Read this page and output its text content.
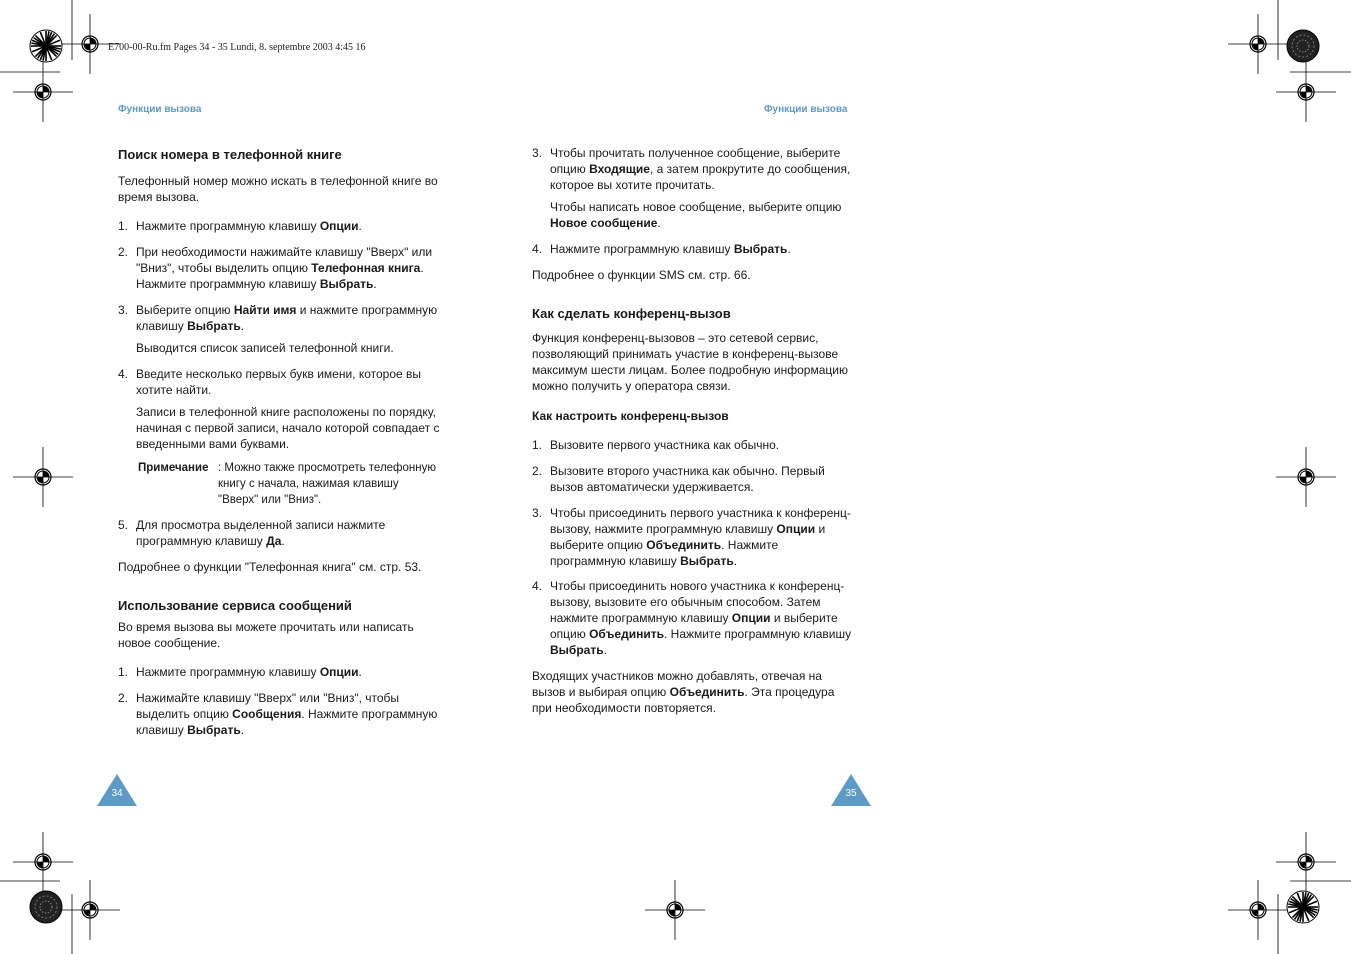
E700-00-Ru.fm Pages 34 - 35 Lundi, 8. septembre 2003 4:45 16
Функции вызова	Функции вызова

Поиск номера в телефонной книге

Телефонный номер можно искать в телефонной книге во время вызова.

1. Нажмите программную клавишу Опции.
2. При необходимости нажимайте клавишу "Вверх" или "Вниз", чтобы выделить опцию Телефонная книга. Нажмите программную клавишу Выбрать.
3. Выберите опцию Найти имя и нажмите программную клавишу Выбрать.

Выводится список записей телефонной книги.

4. Введите несколько первых букв имени, которое вы хотите найти.

Записи в телефонной книге расположены по порядку, начиная с первой записи, начало которой совпадает с введенными вами буквами.

Примечание : Можно также просмотреть телефонную книгу с начала, нажимая клавишу "Вверх" или "Вниз".
5. Для просмотра выделенной записи нажмите программную клавишу Да.

Подробнее о функции "Телефонная книга" см. стр. 53.

Использование сервиса сообщений

Во время вызова вы можете прочитать или написать новое сообщение.

1. Нажмите программную клавишу Опции.
2. Нажимайте клавишу "Вверх" или "Вниз", чтобы выделить опцию Сообщения. Нажмите программную клавишу Выбрать.
3. Чтобы прочитать полученное сообщение, выберите опцию Входящие, а затем прокрутите до сообщения, которое вы хотите прочитать.

Чтобы написать новое сообщение, выберите опцию Новое сообщение.

4. Нажмите программную клавишу Выбрать.

Подробнее о функции SMS см. стр. 66.

Как сделать конференц-вызов

Функция конференц-вызовов – это сетевой сервис, позволяющий принимать участие в конференц-вызове максимум шести лицам. Более подробную информацию можно получить у оператора связи.

Как настроить конференц-вызов

1. Вызовите первого участника как обычно.
2. Вызовите второго участника как обычно. Первый вызов автоматически удерживается.
3. Чтобы присоединить первого участника к конференц-вызову, нажмите программную клавишу Опции и выберите опцию Объединить. Нажмите программную клавишу Выбрать.
4. Чтобы присоединить нового участника к конференц-вызову, вызовите его обычным способом. Затем нажмите программную клавишу Опции и выберите опцию Объединить. Нажмите программную клавишу Выбрать.

Входящих участников можно добавлять, отвечая на вызов и выбирая опцию Объединить. Эта процедура при необходимости повторяется.

34	35
